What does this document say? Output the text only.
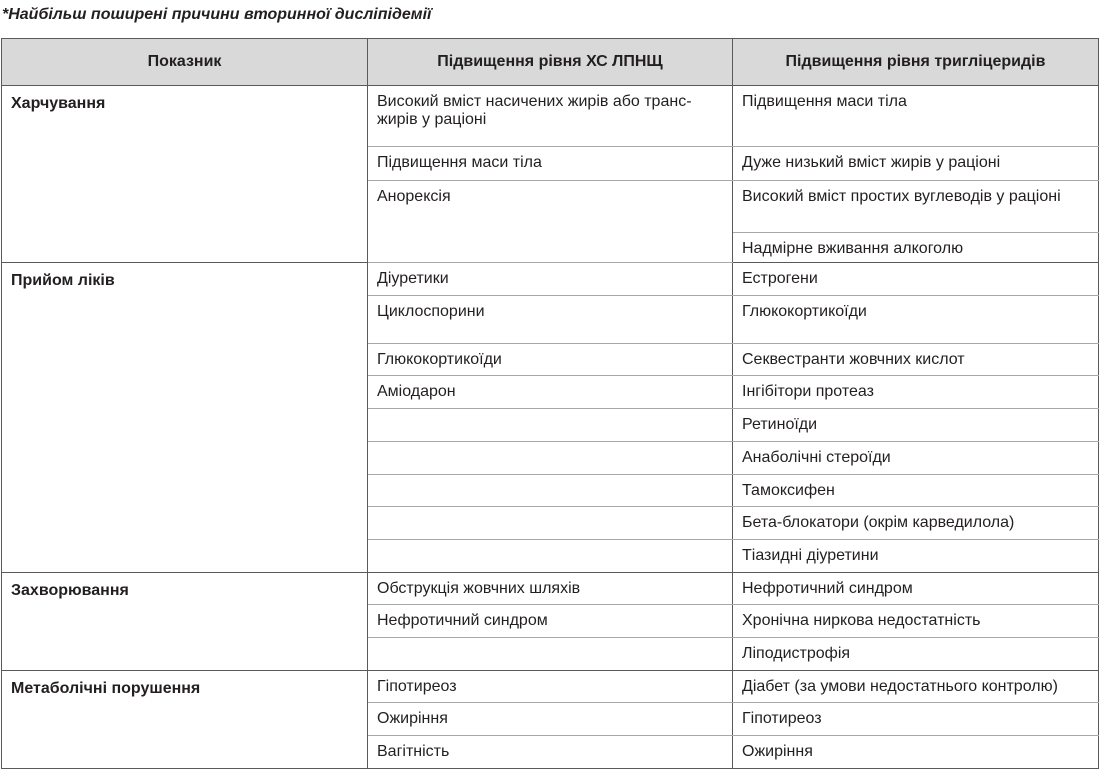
*Найбільш поширені причини вторинної дисліпідемії
Показник	Підвищення рівня ХС ЛПНЩ	Підвищення рівня тригліцеридів
Харчування	Високий вміст насичених жирів або транс-жирів у раціоні	Підвищення маси тіла
	Підвищення маси тіла	Дуже низький вміст жирів у раціоні
	Анорексія	Високий вміст простих вуглеводів у раціоні
		Надмірне вживання алкоголю
Прийом ліків	Діуретики	Естрогени
	Циклоспорини	Глюкокортикоїди
	Глюкокортикоїди	Секвестранти жовчних кислот
	Аміодарон	Інгібітори протеаз
		Ретиноїди
		Анаболічні стероїди
		Тамоксифен
		Бета-блокатори (окрім карведилола)
		Тіазидні діуретини
Захворювання	Обструкція жовчних шляхів	Нефротичний синдром
	Нефротичний синдром	Хронічна ниркова недостатність
		Ліподистрофія
Метаболічні порушення	Гіпотиреоз	Діабет (за умови недостатнього контролю)
	Ожиріння	Гіпотиреоз
	Вагітність	Ожиріння
